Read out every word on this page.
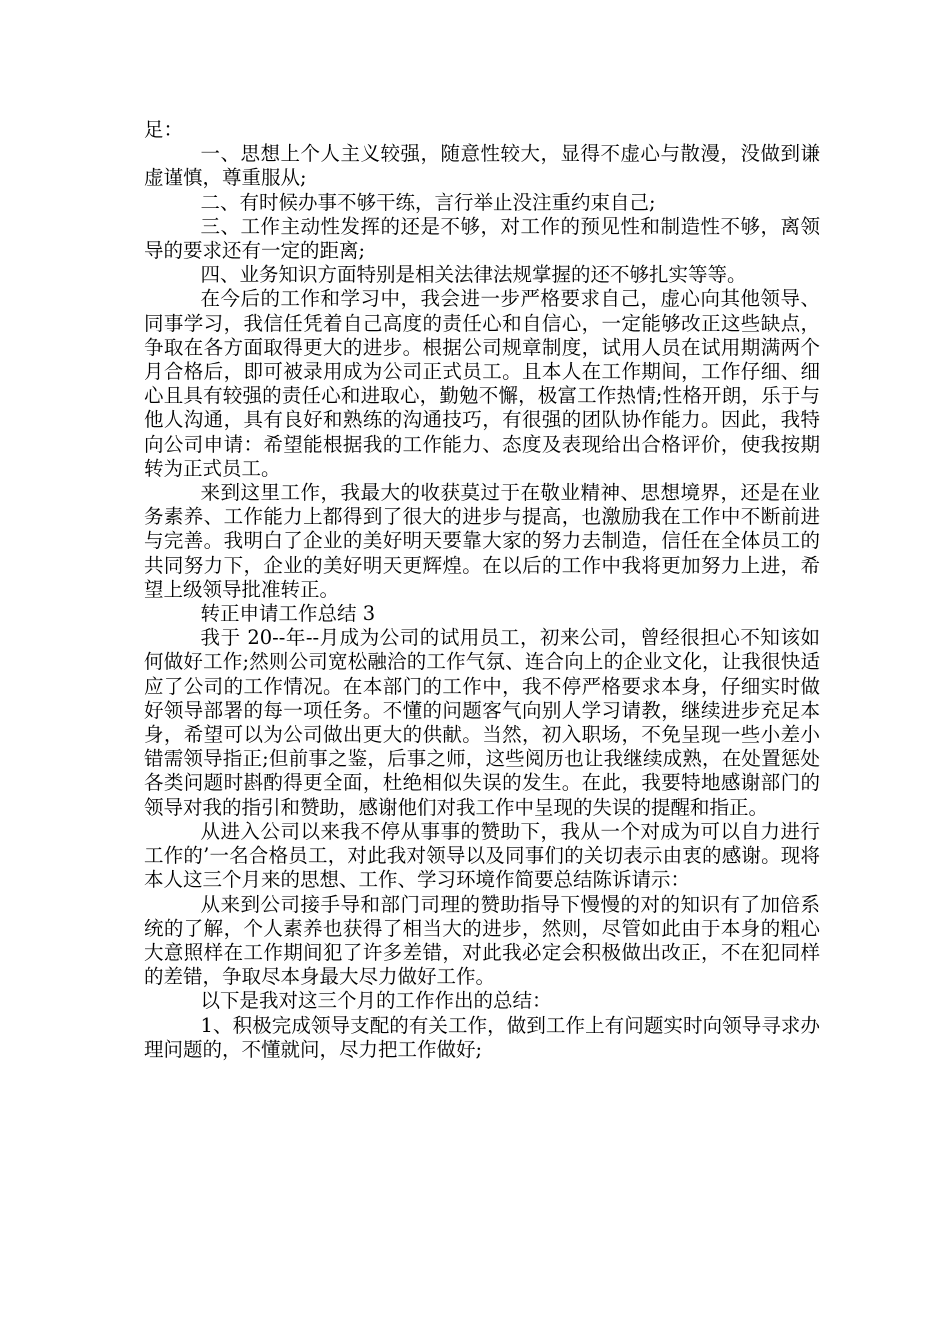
足：

一、思想上个人主义较强，随意性较大，显得不虚心与散漫，没做到谦虚谨慎，尊重服从;

二、有时候办事不够干练，言行举止没注重约束自己;

三、工作主动性发挥的还是不够，对工作的预见性和制造性不够，离领导的要求还有一定的距离;

四、业务知识方面特别是相关法律法规掌握的还不够扎实等等。

在今后的工作和学习中，我会进一步严格要求自己，虚心向其他领导、同事学习，我信任凭着自己高度的责任心和自信心，一定能够改正这些缺点，争取在各方面取得更大的进步。根据公司规章制度，试用人员在试用期满两个月合格后，即可被录用成为公司正式员工。且本人在工作期间，工作仔细、细心且具有较强的责任心和进取心，勤勉不懈，极富工作热情;性格开朗，乐于与他人沟通，具有良好和熟练的沟通技巧，有很强的团队协作能力。因此，我特向公司申请：希望能根据我的工作能力、态度及表现给出合格评价，使我按期转为正式员工。

来到这里工作，我最大的收获莫过于在敬业精神、思想境界，还是在业务素养、工作能力上都得到了很大的进步与提高，也激励我在工作中不断前进与完善。我明白了企业的美好明天要靠大家的努力去制造，信任在全体员工的共同努力下，企业的美好明天更辉煌。在以后的工作中我将更加努力上进，希望上级领导批准转正。

转正申请工作总结 3

我于 20--年--月成为公司的试用员工，初来公司，曾经很担心不知该如何做好工作;然则公司宽松融洽的工作气氛、连合向上的企业文化，让我很快适应了公司的工作情况。在本部门的工作中，我不停严格要求本身，仔细实时做好领导部署的每一项任务。不懂的问题客气向别人学习请教，继续进步充足本身，希望可以为公司做出更大的供献。当然，初入职场，不免呈现一些小差小错需领导指正;但前事之鉴，后事之师，这些阅历也让我继续成熟，在处置惩处各类问题时斟酌得更全面，杜绝相似失误的发生。在此，我要特地感谢部门的领导对我的指引和赞助，感谢他们对我工作中呈现的失误的提醒和指正。

从进入公司以来我不停从事事的赞助下，我从一个对成为可以自力进行工作的’一名合格员工，对此我对领导以及同事们的关切表示由衷的感谢。现将本人这三个月来的思想、工作、学习环境作简要总结陈诉请示：

从来到公司接手导和部门司理的赞助指导下慢慢的对的知识有了加倍系统的了解，个人素养也获得了相当大的进步，然则，尽管如此由于本身的粗心大意照样在工作期间犯了许多差错，对此我必定会积极做出改正，不在犯同样的差错，争取尽本身最大尽力做好工作。

以下是我对这三个月的工作作出的总结：

1、积极完成领导支配的有关工作，做到工作上有问题实时向领导寻求办理问题的，不懂就问，尽力把工作做好;
